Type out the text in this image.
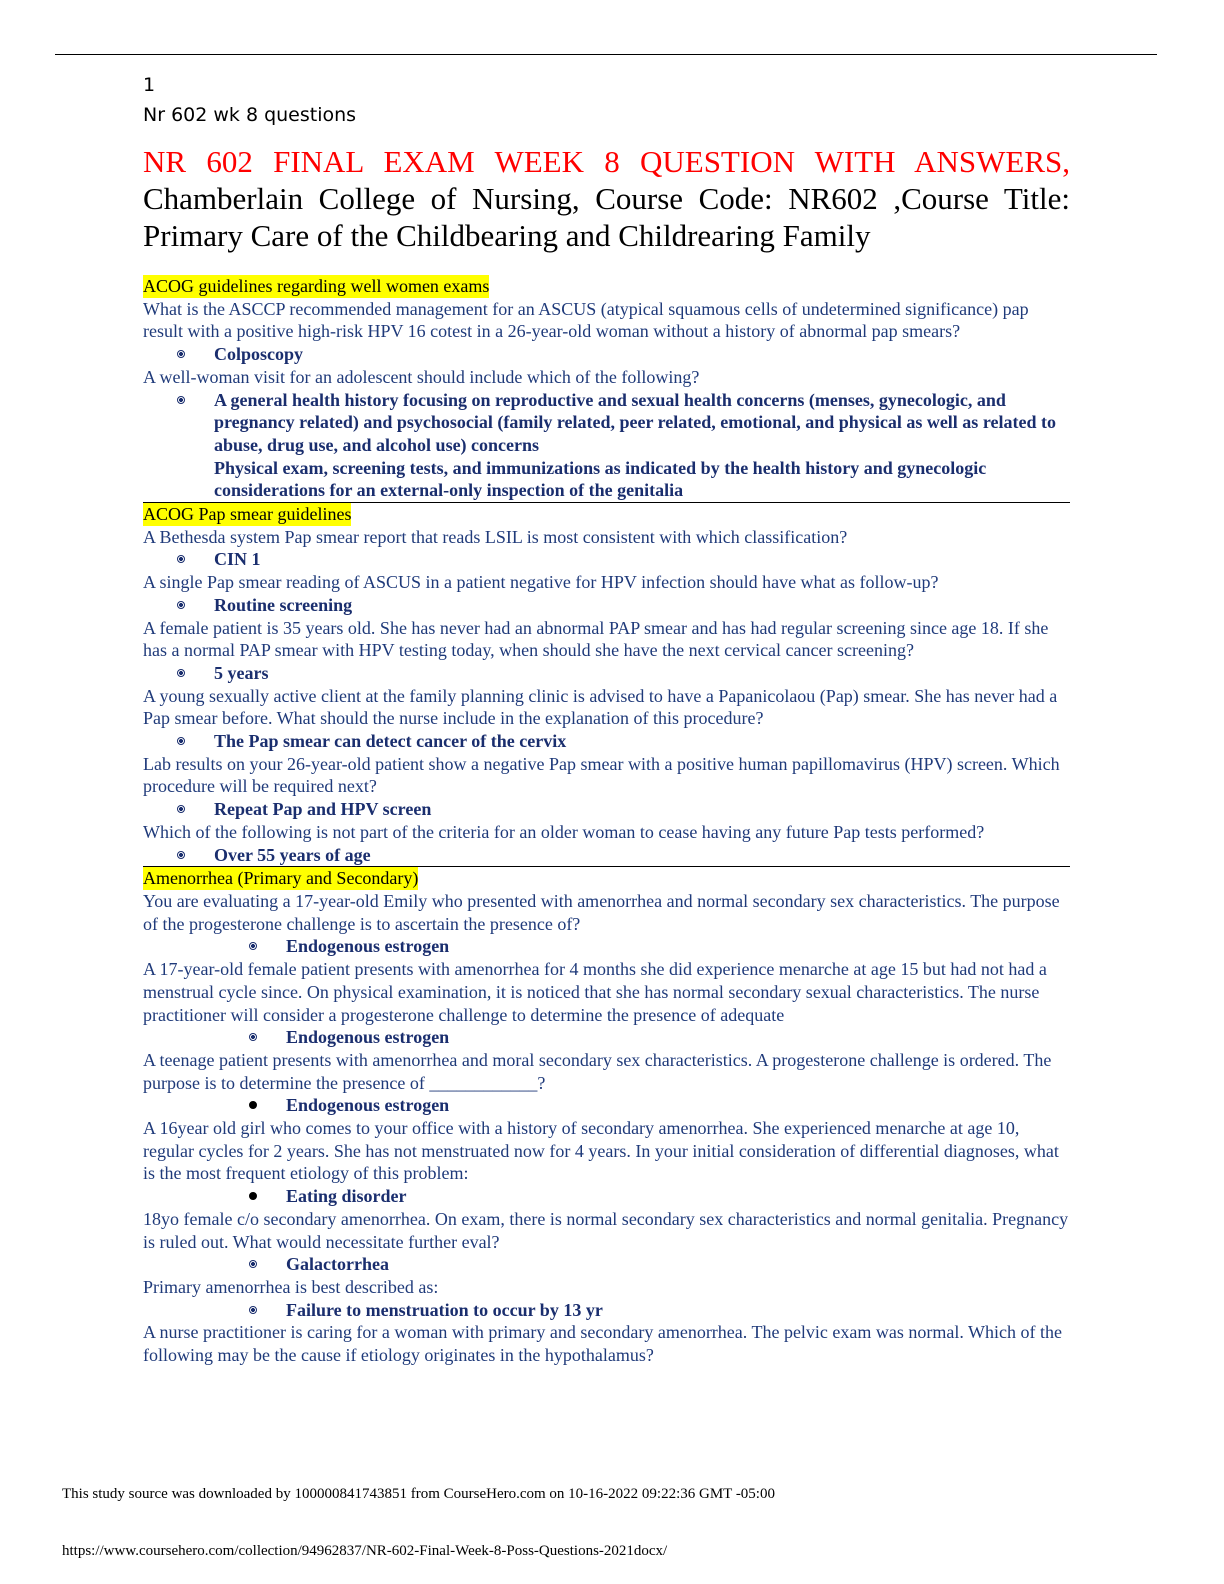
1
Nr 602 wk 8 questions
NR 602 FINAL EXAM WEEK 8 QUESTION WITH ANSWERS, Chamberlain College of Nursing, Course Code: NR602 ,Course Title: Primary Care of the Childbearing and Childrearing Family
ACOG guidelines regarding well women exams

What is the ASCCP recommended management for an ASCUS (atypical squamous cells of undetermined significance) pap result with a positive high-risk HPV 16 cotest in a 26-year-old woman without a history of abnormal pap smears?

Colposcopy

A well-woman visit for an adolescent should include which of the following?

A general health history focusing on reproductive and sexual health concerns (menses, gynecologic, and pregnancy related) and psychosocial (family related, peer related, emotional, and physical as well as related to abuse, drug use, and alcohol use) concerns

Physical exam, screening tests, and immunizations as indicated by the health history and gynecologic considerations for an external-only inspection of the genitalia

ACOG Pap smear guidelines

A Bethesda system Pap smear report that reads LSIL is most consistent with which classification?

CIN 1

A single Pap smear reading of ASCUS in a patient negative for HPV infection should have what as follow-up?

Routine screening

A female patient is 35 years old. She has never had an abnormal PAP smear and has had regular screening since age 18. If she has a normal PAP smear with HPV testing today, when should she have the next cervical cancer screening?

5 years

A young sexually active client at the family planning clinic is advised to have a Papanicolaou (Pap) smear. She has never had a Pap smear before. What should the nurse include in the explanation of this procedure?

The Pap smear can detect cancer of the cervix

Lab results on your 26-year-old patient show a negative Pap smear with a positive human papillomavirus (HPV) screen. Which procedure will be required next?

Repeat Pap and HPV screen

Which of the following is not part of the criteria for an older woman to cease having any future Pap tests performed?

Over 55 years of age

Amenorrhea (Primary and Secondary)

You are evaluating a 17-year-old Emily who presented with amenorrhea and normal secondary sex characteristics. The purpose of the progesterone challenge is to ascertain the presence of?

Endogenous estrogen

A 17-year-old female patient presents with amenorrhea for 4 months she did experience menarche at age 15 but had not had a menstrual cycle since. On physical examination, it is noticed that she has normal secondary sexual characteristics. The nurse practitioner will consider a progesterone challenge to determine the presence of adequate

Endogenous estrogen

A teenage patient presents with amenorrhea and moral secondary sex characteristics. A progesterone challenge is ordered. The purpose is to determine the presence of ____________?

Endogenous estrogen

A 16year old girl who comes to your office with a history of secondary amenorrhea. She experienced menarche at age 10, regular cycles for 2 years. She has not menstruated now for 4 years. In your initial consideration of differential diagnoses, what is the most frequent etiology of this problem:

Eating disorder

18yo female c/o secondary amenorrhea. On exam, there is normal secondary sex characteristics and normal genitalia. Pregnancy is ruled out. What would necessitate further eval?

Galactorrhea

Primary amenorrhea is best described as:

Failure to menstruation to occur by 13 yr

A nurse practitioner is caring for a woman with primary and secondary amenorrhea. The pelvic exam was normal. Which of the following may be the cause if etiology originates in the hypothalamus?

This study source was downloaded by 100000841743851 from CourseHero.com on 10-16-2022 09:22:36 GMT -05:00
https://www.coursehero.com/collection/94962837/NR-602-Final-Week-8-Poss-Questions-2021docx/
